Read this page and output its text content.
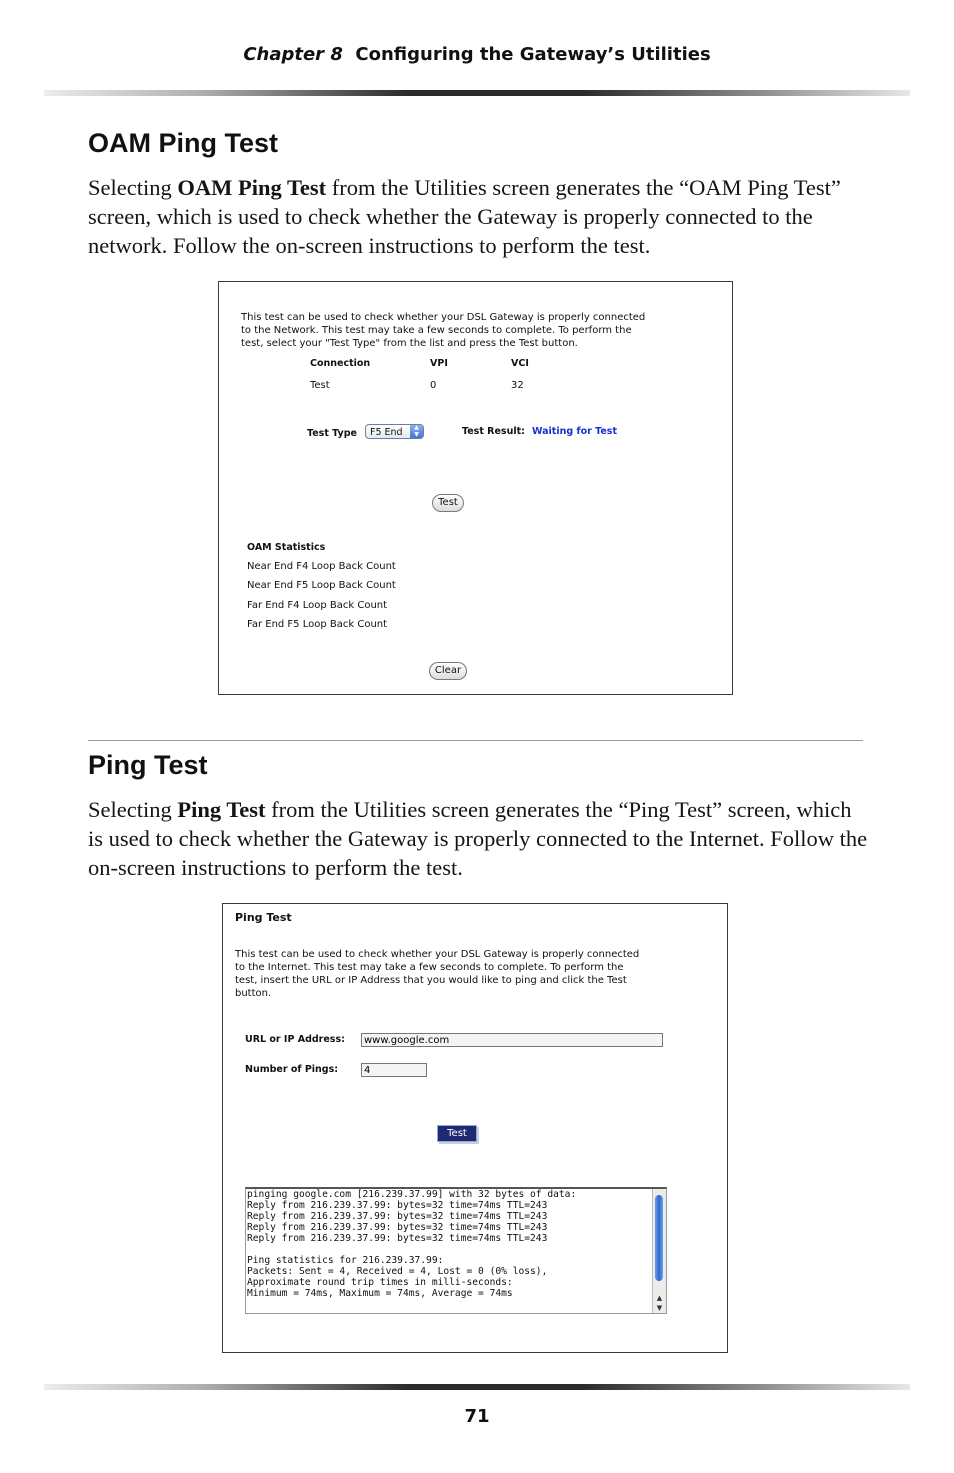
Chapter 8 Configuring the Gateway’s Utilities
OAM Ping Test
Selecting OAM Ping Test from the Utilities screen generates the “OAM Ping Test” screen, which is used to check whether the Gateway is properly connected to the network. Follow the on-screen instructions to perform the test.
This test can be used to check whether your DSL Gateway is properly connected
to the Network. This test may take a few seconds to complete. To perform the
test, select your "Test Type" from the list and press the Test button.
Connection	VPI	VCI
Test	0	32
Test Type	F5 End	▲
▼	Test Result: Waiting for Test
Test
OAM Statistics
Near End F4 Loop Back Count
Near End F5 Loop Back Count
Far End F4 Loop Back Count
Far End F5 Loop Back Count
Clear
Ping Test
Selecting Ping Test from the Utilities screen generates the “Ping Test” screen, which is used to check whether the Gateway is properly connected to the Internet. Follow the on-screen instructions to perform the test.
Ping Test
This test can be used to check whether your DSL Gateway is properly connected
to the Internet. This test may take a few seconds to complete. To perform the
test, insert the URL or IP Address that you would like to ping and click the Test
button.
URL or IP Address:	www.google.com
Number of Pings:	4
Test
pinging google.com [216.239.37.99] with 32 bytes of data:
Reply from 216.239.37.99: bytes=32 time=74ms TTL=243
Reply from 216.239.37.99: bytes=32 time=74ms TTL=243
Reply from 216.239.37.99: bytes=32 time=74ms TTL=243
Reply from 216.239.37.99: bytes=32 time=74ms TTL=243

Ping statistics for 216.239.37.99:
Packets: Sent = 4, Received = 4, Lost = 0 (0% loss),
Approximate round trip times in milli-seconds:
Minimum = 74ms, Maximum = 74ms, Average = 74ms	▲
▼
71
